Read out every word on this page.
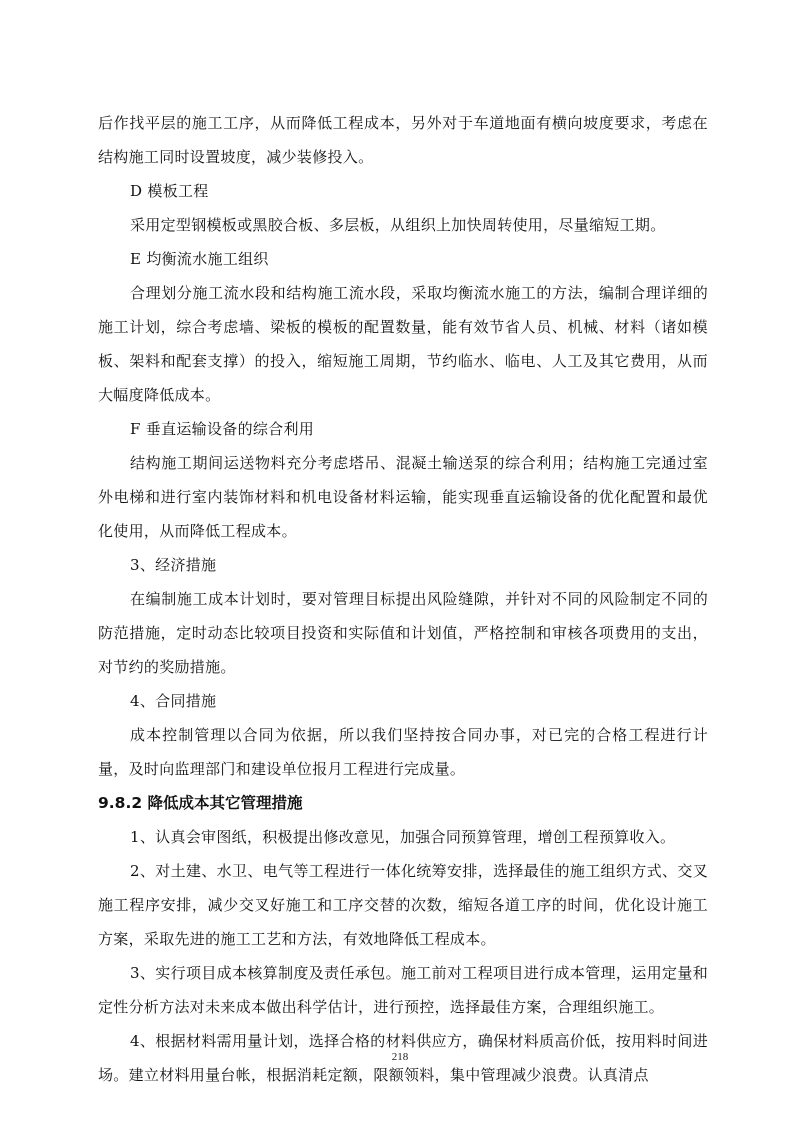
后作找平层的施工工序，从而降低工程成本，另外对于车道地面有横向坡度要求，考虑在结构施工同时设置坡度，减少装修投入。

D 模板工程

采用定型钢模板或黑胶合板、多层板，从组织上加快周转使用，尽量缩短工期。

E 均衡流水施工组织

合理划分施工流水段和结构施工流水段，采取均衡流水施工的方法，编制合理详细的施工计划，综合考虑墙、梁板的模板的配置数量，能有效节省人员、机械、材料（诸如模板、架料和配套支撑）的投入，缩短施工周期，节约临水、临电、人工及其它费用，从而大幅度降低成本。

F 垂直运输设备的综合利用

结构施工期间运送物料充分考虑塔吊、混凝土输送泵的综合利用；结构施工完通过室外电梯和进行室内装饰材料和机电设备材料运输，能实现垂直运输设备的优化配置和最优化使用，从而降低工程成本。

3、经济措施

在编制施工成本计划时，要对管理目标提出风险缝隙，并针对不同的风险制定不同的防范措施，定时动态比较项目投资和实际值和计划值，严格控制和审核各项费用的支出，对节约的奖励措施。

4、合同措施

成本控制管理以合同为依据，所以我们坚持按合同办事，对已完的合格工程进行计量，及时向监理部门和建设单位报月工程进行完成量。

9.8.2 降低成本其它管理措施

1、认真会审图纸，积极提出修改意见，加强合同预算管理，增创工程预算收入。

2、对土建、水卫、电气等工程进行一体化统筹安排，选择最佳的施工组织方式、交叉施工程序安排，减少交叉好施工和工序交替的次数，缩短各道工序的时间，优化设计施工方案，采取先进的施工工艺和方法，有效地降低工程成本。

3、实行项目成本核算制度及责任承包。施工前对工程项目进行成本管理，运用定量和定性分析方法对未来成本做出科学估计，进行预控，选择最佳方案，合理组织施工。

4、根据材料需用量计划，选择合格的材料供应方，确保材料质高价低，按用料时间进场。建立材料用量台帐，根据消耗定额，限额领料，集中管理减少浪费。认真清点

218
